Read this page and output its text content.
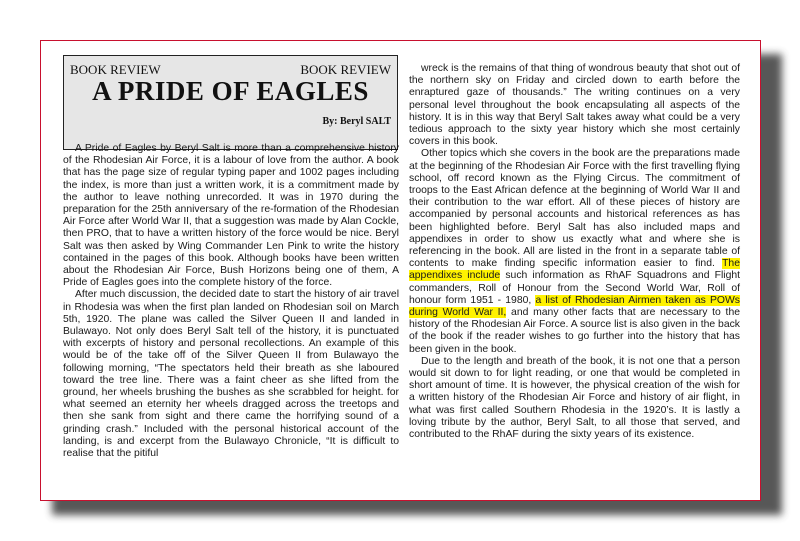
BOOK REVIEW	BOOK REVIEW
A PRIDE OF EAGLES
By: Beryl SALT

A Pride of Eagles by Beryl Salt is more than a comprehensive history of the Rhodesian Air Force, it is a labour of love from the author. A book that has the page size of regular typing paper and 1002 pages including the index, is more than just a written work, it is a commitment made by the author to leave nothing unrecorded. It was in 1970 during the preparation for the 25th anniversary of the re-formation of the Rhodesian Air Force after World War II, that a suggestion was made by Alan Cockle, then PRO, that to have a written history of the force would be nice. Beryl Salt was then asked by Wing Commander Len Pink to write the history contained in the pages of this book. Although books have been written about the Rhodesian Air Force, Bush Horizons being one of them, A Pride of Eagles goes into the complete history of the force.

After much discussion, the decided date to start the history of air travel in Rhodesia was when the first plan landed on Rhodesian soil on March 5th, 1920. The plane was called the Silver Queen II and landed in Bulawayo. Not only does Beryl Salt tell of the history, it is punctuated with excerpts of history and personal recollections. An example of this would be of the take off of the Silver Queen II from Bulawayo the following morning, “The spectators held their breath as she laboured toward the tree line. There was a faint cheer as she lifted from the ground, her wheels brushing the bushes as she scrabbled for height. for what seemed an eternity her wheels dragged across the treetops and then she sank from sight and there came the horrifying sound of a grinding crash.” Included with the personal historical account of the landing, is and excerpt from the Bulawayo Chronicle, “It is difficult to realise that the pitiful

wreck is the remains of that thing of wondrous beauty that shot out of the northern sky on Friday and circled down to earth before the enraptured gaze of thousands.” The writing continues on a very personal level throughout the book encapsulating all aspects of the history. It is in this way that Beryl Salt takes away what could be a very tedious approach to the sixty year history which she most certainly covers in this book.

Other topics which she covers in the book are the preparations made at the beginning of the Rhodesian Air Force with the first travelling flying school, off record known as the Flying Circus. The commitment of troops to the East African defence at the beginning of World War II and their contribution to the war effort. All of these pieces of history are accompanied by personal accounts and historical references as has been highlighted before. Beryl Salt has also included maps and appendixes in order to show us exactly what and where she is referencing in the book. All are listed in the front in a separate table of contents to make finding specific information easier to find. The appendixes include such information as RhAF Squadrons and Flight commanders, Roll of Honour from the Second World War, Roll of honour form 1951 - 1980, a list of Rhodesian Airmen taken as POWs during World War II, and many other facts that are necessary to the history of the Rhodesian Air Force. A source list is also given in the back of the book if the reader wishes to go further into the history that has been given in the book.

Due to the length and breath of the book, it is not one that a person would sit down to for light reading, or one that would be completed in short amount of time. It is however, the physical creation of the wish for a written history of the Rhodesian Air Force and history of air flight, in what was first called Southern Rhodesia in the 1920’s. It is lastly a loving tribute by the author, Beryl Salt, to all those that served, and contributed to the RhAF during the sixty years of its existence.
